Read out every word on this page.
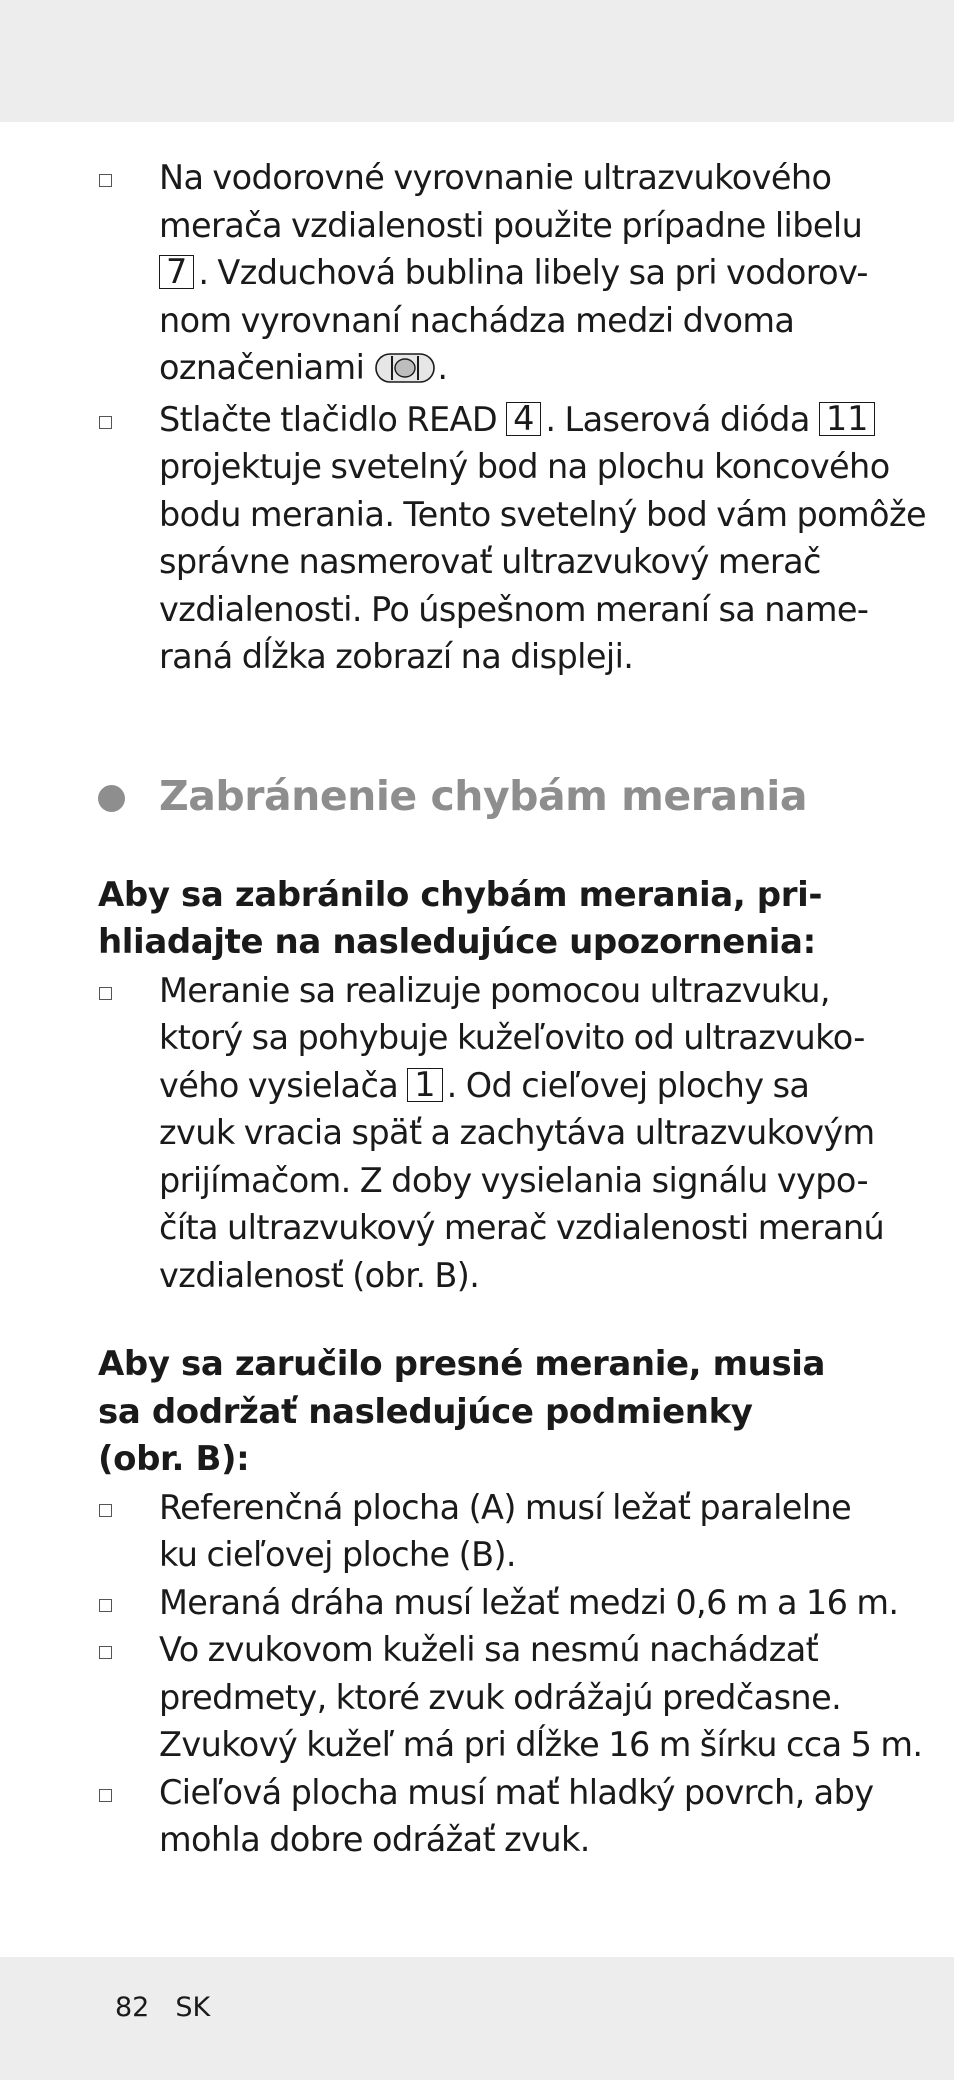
Na vodorovné vyrovnanie ultrazvukového
merača vzdialenosti použite prípadne libelu
7 . Vzduchová bublina libely sa pri vodorov-
nom vyrovnaní nachádza medzi dvoma
označeniami .
Stlačte tlačidlo READ 4 . Laserová dióda 11
projektuje svetelný bod na plochu koncového
bodu merania. Tento svetelný bod vám pomôže
správne nasmerovať ultrazvukový merač
vzdialenosti. Po úspešnom meraní sa name-
raná dĺžka zobrazí na displeji.
Zabránenie chybám merania
Aby sa zabránilo chybám merania, pri-
hliadajte na nasledujúce upozornenia:
Meranie sa realizuje pomocou ultrazvuku,
ktorý sa pohybuje kužeľovito od ultrazvuko-
vého vysielača 1 . Od cieľovej plochy sa
zvuk vracia späť a zachytáva ultrazvukovým
prijímačom. Z doby vysielania signálu vypo-
číta ultrazvukový merač vzdialenosti meranú
vzdialenosť (obr. B).
Aby sa zaručilo presné meranie, musia
sa dodržať nasledujúce podmienky
(obr. B):
Referenčná plocha (A) musí ležať paralelne
ku cieľovej ploche (B).
Meraná dráha musí ležať medzi 0,6 m a 16 m.
Vo zvukovom kuželi sa nesmú nachádzať
predmety, ktoré zvuk odrážajú predčasne.
Zvukový kužeľ má pri dĺžke 16 m šírku cca 5 m.
Cieľová plocha musí mať hladký povrch, aby
mohla dobre odrážať zvuk.
82 SK
